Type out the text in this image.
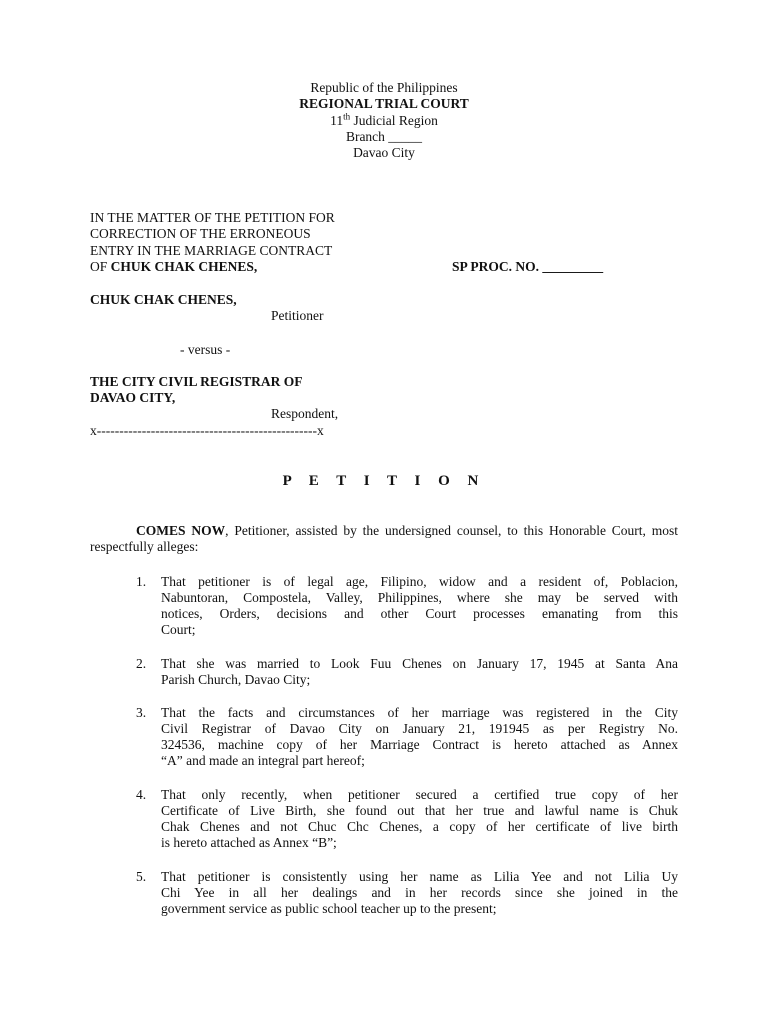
Republic of the Philippines
REGIONAL TRIAL COURT
11th Judicial Region
Branch _____
Davao City
IN THE MATTER OF THE PETITION FOR
CORRECTION OF THE ERRONEOUS
ENTRY IN THE MARRIAGE CONTRACT
OF CHUK CHAK CHENES,	SP PROC. NO. _________
CHUK CHAK CHENES,
Petitioner
- versus -
THE CITY CIVIL REGISTRAR OF
DAVAO CITY,
Respondent,
x-------------------------------------------------x
P E T I T I O N
COMES NOW, Petitioner, assisted by the undersigned counsel, to this Honorable Court, most respectfully alleges:
1.	That petitioner is of legal age, Filipino, widow and a resident of, Poblacion,
Nabuntoran, Compostela, Valley, Philippines, where she may be served with
notices, Orders, decisions and other Court processes emanating from this
Court;
2.	That she was married to Look Fuu Chenes on January 17, 1945 at Santa Ana
Parish Church, Davao City;
3.	That the facts and circumstances of her marriage was registered in the City
Civil Registrar of Davao City on January 21, 191945 as per Registry No.
324536, machine copy of her Marriage Contract is hereto attached as Annex
“A” and made an integral part hereof;
4.	That only recently, when petitioner secured a certified true copy of her
Certificate of Live Birth, she found out that her true and lawful name is Chuk
Chak Chenes and not Chuc Chc Chenes, a copy of her certificate of live birth
is hereto attached as Annex “B”;
5.	That petitioner is consistently using her name as Lilia Yee and not Lilia Uy
Chi Yee in all her dealings and in her records since she joined in the
government service as public school teacher up to the present;
